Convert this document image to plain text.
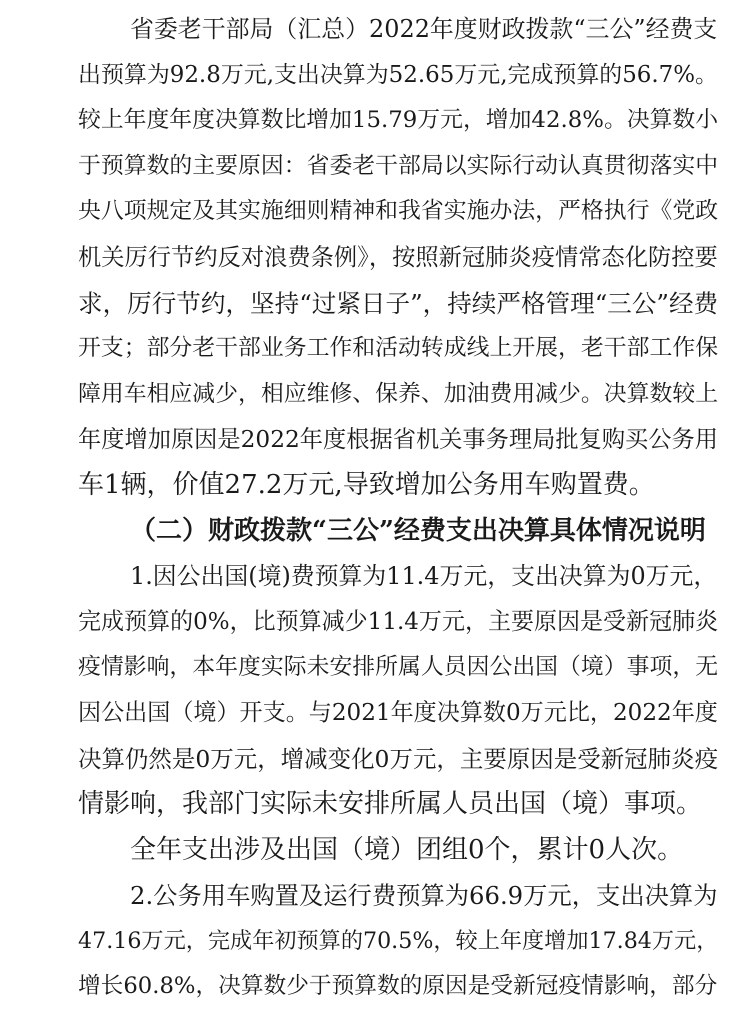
省委老干部局（汇总）2022年度财政拨款“三公”经费支
出预算为92.8万元,支出决算为52.65万元,完成预算的56.7%。
较上年度年度决算数比增加15.79万元，增加42.8%。决算数小
于预算数的主要原因：省委老干部局以实际行动认真贯彻落实中
央八项规定及其实施细则精神和我省实施办法，严格执行《党政
机关厉行节约反对浪费条例》，按照新冠肺炎疫情常态化防控要
求，厉行节约，坚持“过紧日子”，持续严格管理“三公”经费
开支；部分老干部业务工作和活动转成线上开展，老干部工作保
障用车相应减少，相应维修、保养、加油费用减少。决算数较上
年度增加原因是2022年度根据省机关事务理局批复购买公务用
车1辆，价值27.2万元,导致增加公务用车购置费。

（二）财政拨款“三公”经费支出决算具体情况说明

1.因公出国(境)费预算为11.4万元，支出决算为0万元，
完成预算的0%，比预算减少11.4万元，主要原因是受新冠肺炎
疫情影响，本年度实际未安排所属人员因公出国（境）事项，无
因公出国（境）开支。与2021年度决算数0万元比，2022年度
决算仍然是0万元，增减变化0万元，主要原因是受新冠肺炎疫
情影响，我部门实际未安排所属人员出国（境）事项。

全年支出涉及出国（境）团组0个，累计0人次。

2.公务用车购置及运行费预算为66.9万元，支出决算为
47.16万元，完成年初预算的70.5%，较上年度增加17.84万元，
增长60.8%，决算数少于预算数的原因是受新冠疫情影响，部分
